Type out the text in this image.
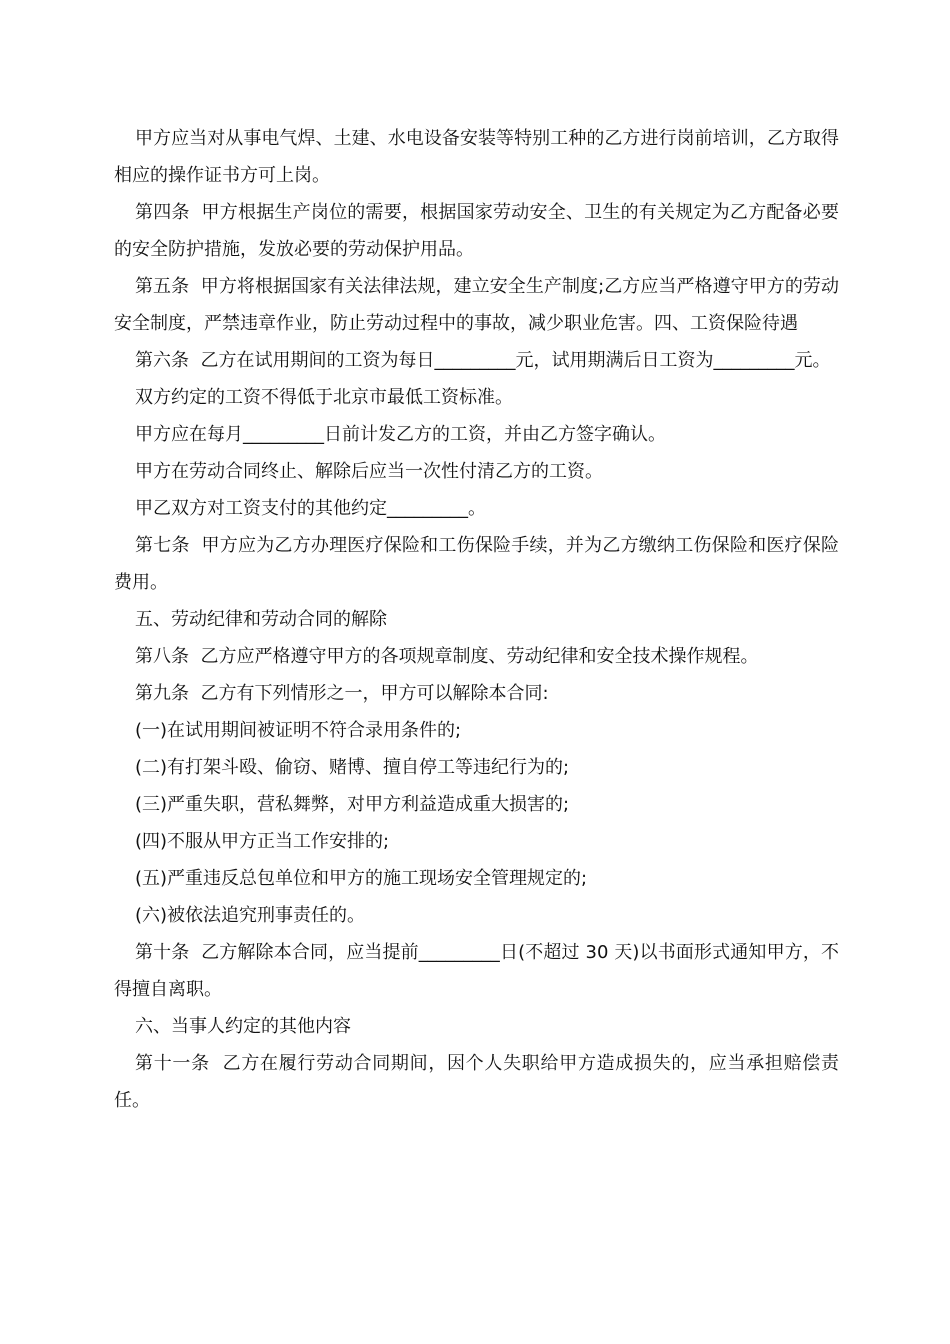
甲方应当对从事电气焊、土建、水电设备安装等特别工种的乙方进行岗前培训，乙方取得相应的操作证书方可上岗。

第四条  甲方根据生产岗位的需要，根据国家劳动安全、卫生的有关规定为乙方配备必要的安全防护措施，发放必要的劳动保护用品。

第五条  甲方将根据国家有关法律法规，建立安全生产制度;乙方应当严格遵守甲方的劳动安全制度，严禁违章作业，防止劳动过程中的事故，减少职业危害。四、工资保险待遇

第六条  乙方在试用期间的工资为每日_________元，试用期满后日工资为_________元。

双方约定的工资不得低于北京市最低工资标准。

甲方应在每月_________日前计发乙方的工资，并由乙方签字确认。

甲方在劳动合同终止、解除后应当一次性付清乙方的工资。

甲乙双方对工资支付的其他约定_________。

第七条  甲方应为乙方办理医疗保险和工伤保险手续，并为乙方缴纳工伤保险和医疗保险费用。

五、劳动纪律和劳动合同的解除

第八条  乙方应严格遵守甲方的各项规章制度、劳动纪律和安全技术操作规程。

第九条  乙方有下列情形之一，甲方可以解除本合同:

(一)在试用期间被证明不符合录用条件的;

(二)有打架斗殴、偷窃、赌博、擅自停工等违纪行为的;

(三)严重失职，营私舞弊，对甲方利益造成重大损害的;

(四)不服从甲方正当工作安排的;

(五)严重违反总包单位和甲方的施工现场安全管理规定的;

(六)被依法追究刑事责任的。

第十条  乙方解除本合同，应当提前_________日(不超过 30 天)以书面形式通知甲方，不得擅自离职。

六、当事人约定的其他内容

第十一条  乙方在履行劳动合同期间，因个人失职给甲方造成损失的，应当承担赔偿责任。
